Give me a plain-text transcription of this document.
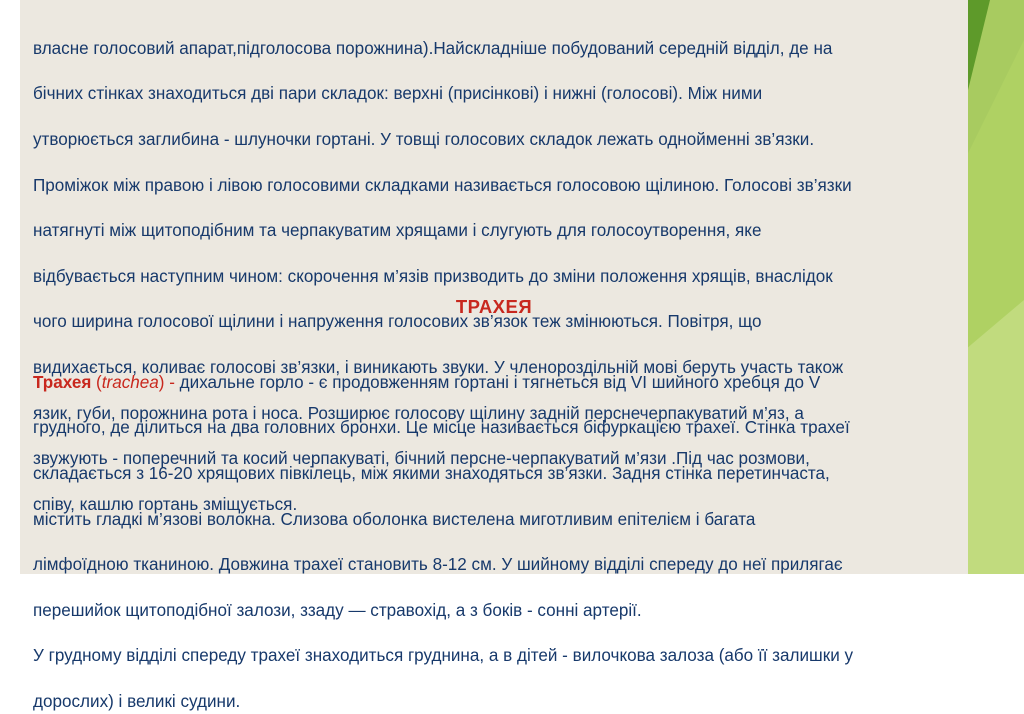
власне голосовий апарат,підголосова порожнина).Найскладніше побудований середній відділ, де на

бічних стінках знаходиться дві пари складок: верхні (присінкові) і нижні (голосові). Між ними

утворюється заглибина - шлуночки гортані. У товщі голосових складок лежать однойменні зв’язки.

Проміжок між правою і лівою голосовими складками називається голосовою щілиною. Голосові зв’язки

натягнуті між щитоподібним та черпакуватим хрящами і слугують для голосоутворення, яке

відбувається наступним чином: скорочення м’язів призводить до зміни положення хрящів, внаслідок

чого ширина голосової щілини і напруження голосових зв’язок теж змінюються. Повітря, що

видихається, коливає голосові зв’язки, і виникають звуки. У членороздільній мові беруть участь також

язик, губи, порожнина рота і носа. Розширює голосову щілину задній перснечерпакуватий м’яз, а

звужують - поперечний та косий черпакуваті, бічний персне-черпакуватий м’язи .Під час розмови,

співу, кашлю гортань зміщується.

ТРАХЕЯ

Трахея (trachea) - дихальне горло - є продовженням гортані і тягнеться від VI шийного хребця до V

грудного, де ділиться на два головних бронхи. Це місце називається біфуркацією трахеї. Стінка трахеї

складається з 16-20 хрящових півкілець, між якими знаходяться зв’язки. Задня стінка перетинчаста,

містить гладкі м’язові волокна. Слизова оболонка вистелена миготливим епітелієм і багата

лімфоїдною тканиною. Довжина трахеї становить 8-12 см. У шийному відділі спереду до неї прилягає

перешийок щитоподібної залози, ззаду — стравохід, а з боків - сонні артерії.

У грудному відділі спереду трахеї знаходиться груднина, а в дітей - вилочкова залоза (або її залишки у

дорослих) і великі судини.
